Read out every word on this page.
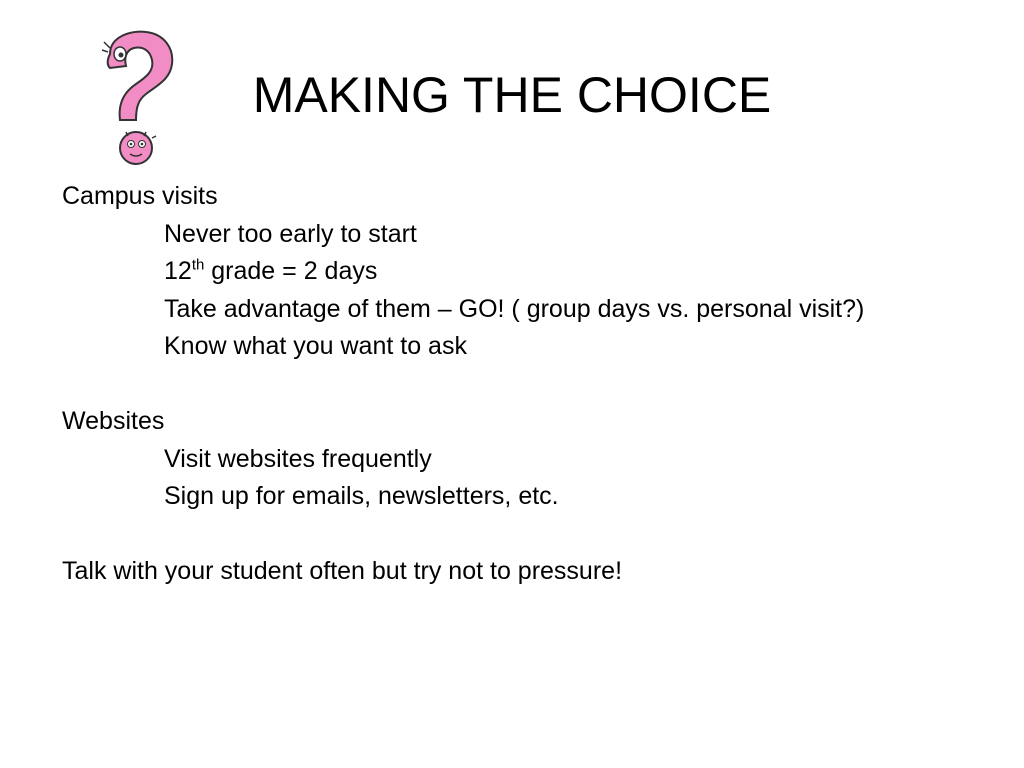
MAKING THE CHOICE
Campus visits
Never too early to start
12th grade = 2 days
Take advantage of them – GO! ( group days vs. personal visit?)
Know what you want to ask
Websites
Visit websites frequently
Sign up for emails, newsletters, etc.
Talk with your student often but try not to pressure!
